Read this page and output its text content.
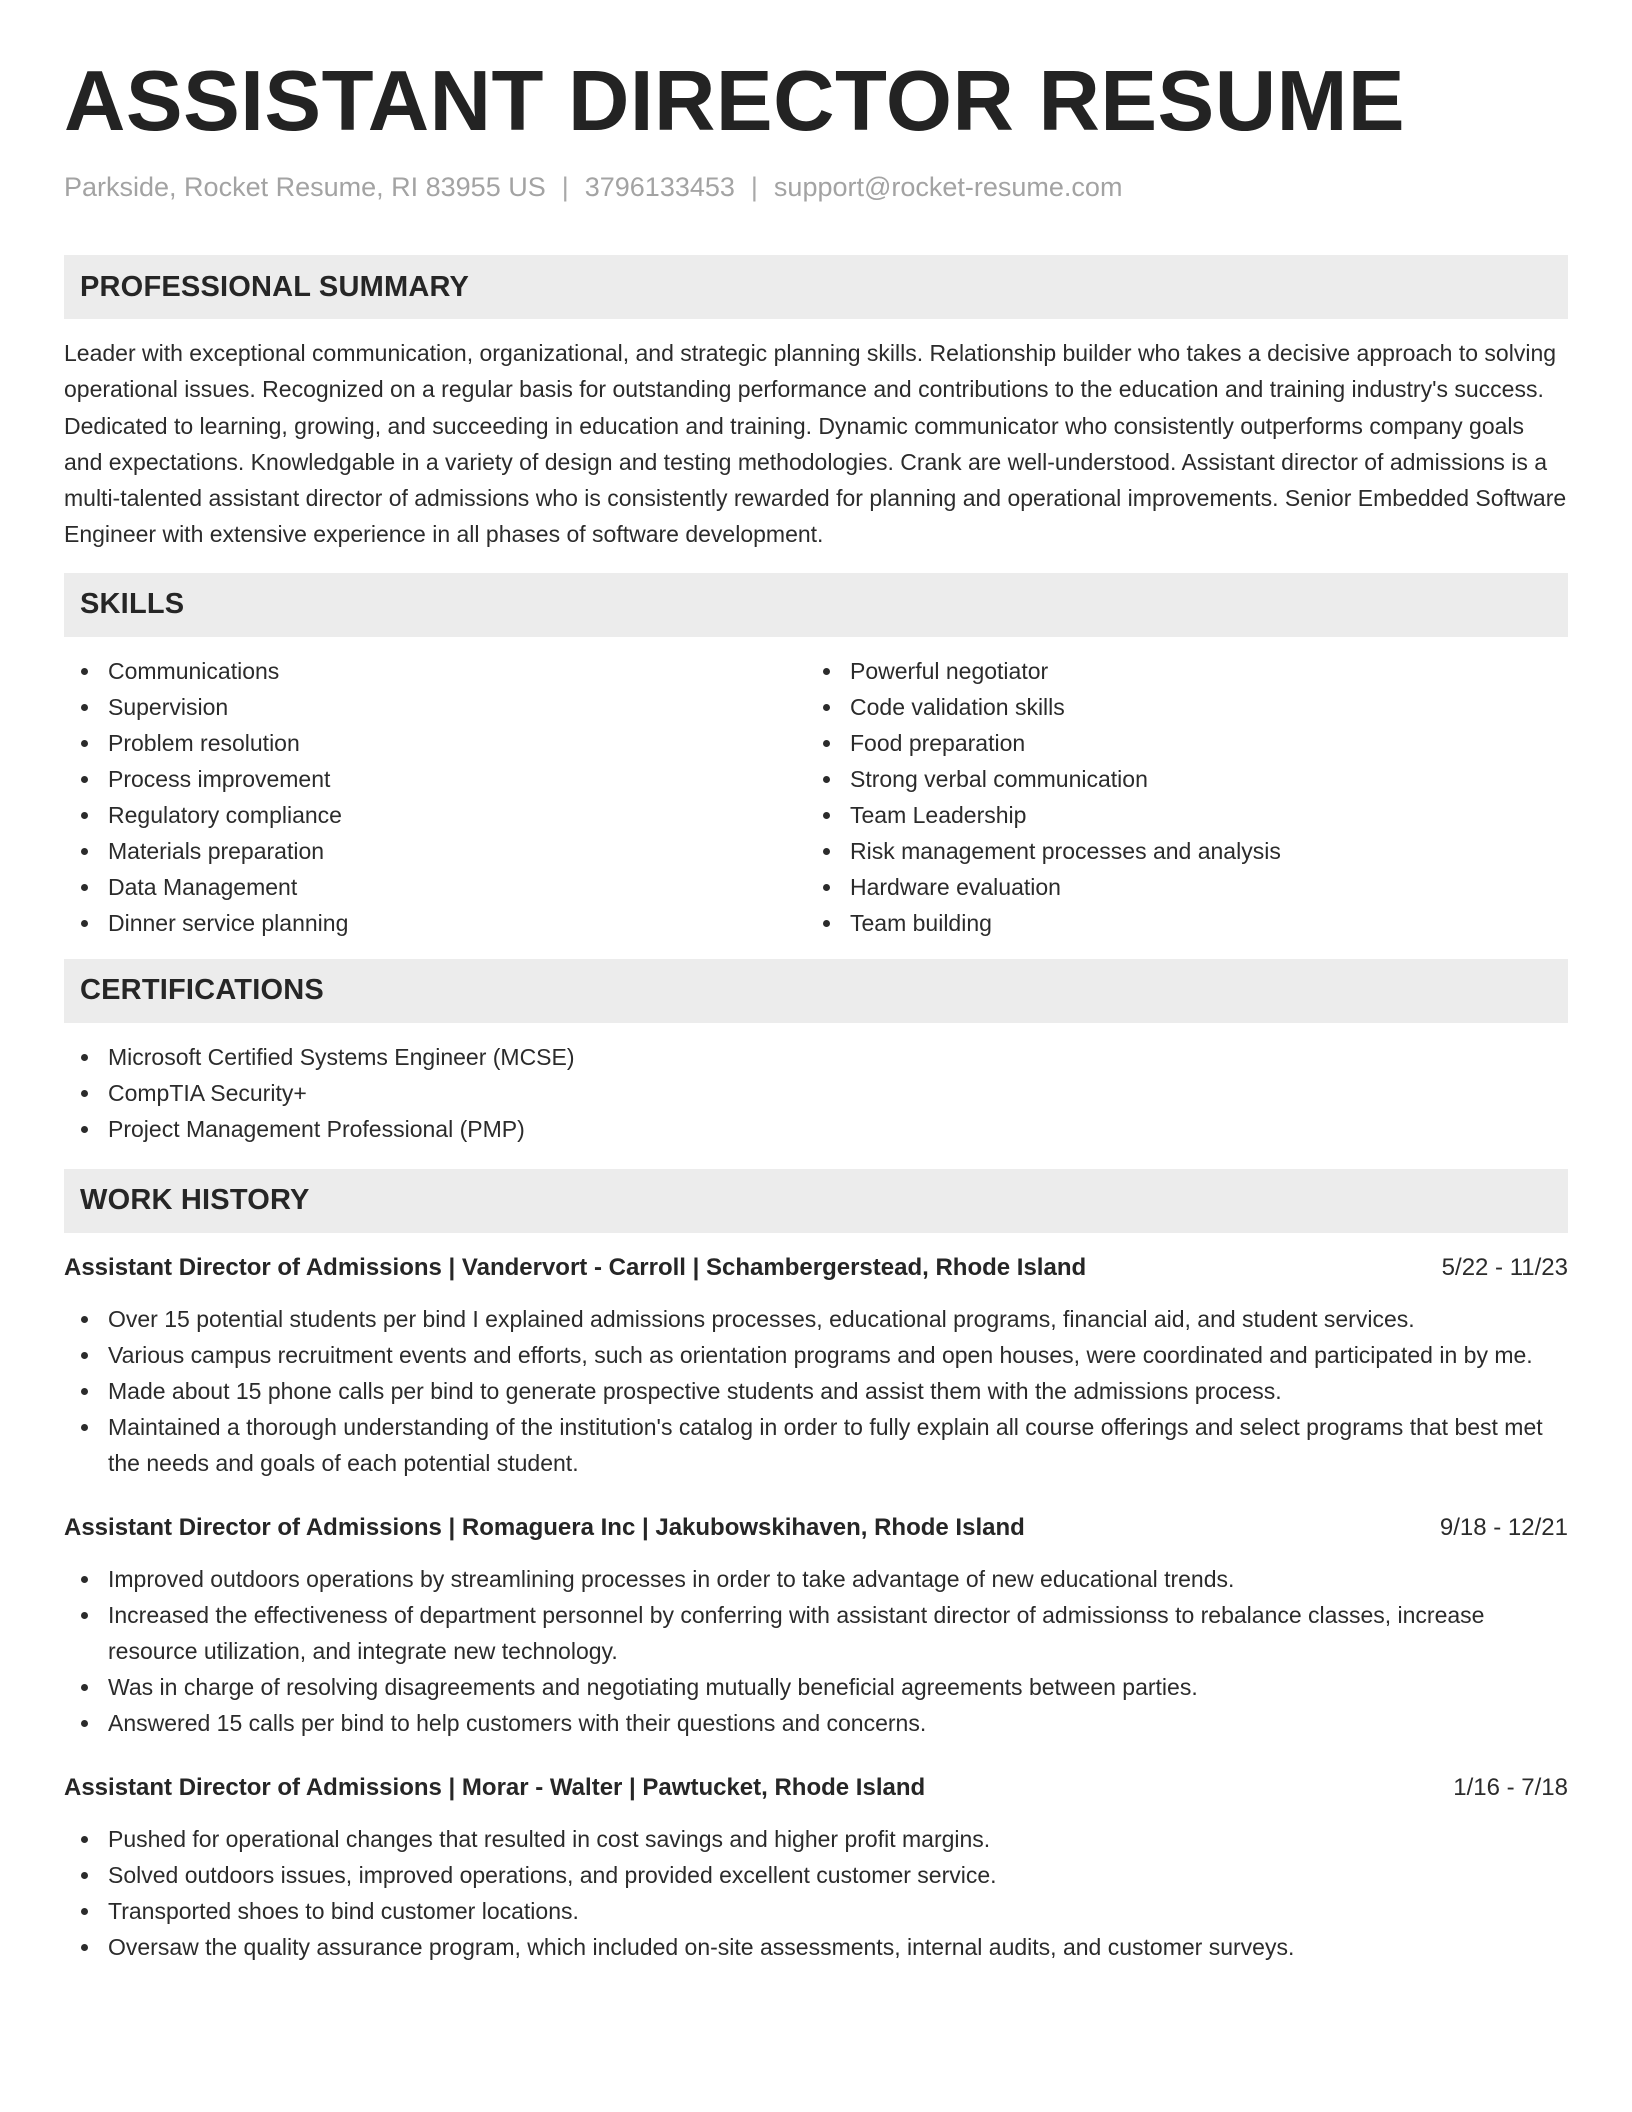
ASSISTANT DIRECTOR RESUME
Parkside, Rocket Resume, RI 83955 US | 3796133453 | support@rocket-resume.com
PROFESSIONAL SUMMARY

Leader with exceptional communication, organizational, and strategic planning skills. Relationship builder who takes a decisive approach to solving operational issues. Recognized on a regular basis for outstanding performance and contributions to the education and training industry's success. Dedicated to learning, growing, and succeeding in education and training. Dynamic communicator who consistently outperforms company goals and expectations. Knowledgable in a variety of design and testing methodologies. Crank are well-understood. Assistant director of admissions is a multi-talented assistant director of admissions who is consistently rewarded for planning and operational improvements. Senior Embedded Software Engineer with extensive experience in all phases of software development.

SKILLS
Communications
Supervision
Problem resolution
Process improvement
Regulatory compliance
Materials preparation
Data Management
Dinner service planning
Powerful negotiator
Code validation skills
Food preparation
Strong verbal communication
Team Leadership
Risk management processes and analysis
Hardware evaluation
Team building
CERTIFICATIONS
Microsoft Certified Systems Engineer (MCSE)
CompTIA Security+
Project Management Professional (PMP)
WORK HISTORY
Assistant Director of Admissions | Vandervort - Carroll | Schambergerstead, Rhode Island	5/22 - 11/23
Over 15 potential students per bind I explained admissions processes, educational programs, financial aid, and student services.
Various campus recruitment events and efforts, such as orientation programs and open houses, were coordinated and participated in by me.
Made about 15 phone calls per bind to generate prospective students and assist them with the admissions process.
Maintained a thorough understanding of the institution's catalog in order to fully explain all course offerings and select programs that best met the needs and goals of each potential student.
Assistant Director of Admissions | Romaguera Inc | Jakubowskihaven, Rhode Island	9/18 - 12/21
Improved outdoors operations by streamlining processes in order to take advantage of new educational trends.
Increased the effectiveness of department personnel by conferring with assistant director of admissionss to rebalance classes, increase resource utilization, and integrate new technology.
Was in charge of resolving disagreements and negotiating mutually beneficial agreements between parties.
Answered 15 calls per bind to help customers with their questions and concerns.
Assistant Director of Admissions | Morar - Walter | Pawtucket, Rhode Island	1/16 - 7/18
Pushed for operational changes that resulted in cost savings and higher profit margins.
Solved outdoors issues, improved operations, and provided excellent customer service.
Transported shoes to bind customer locations.
Oversaw the quality assurance program, which included on-site assessments, internal audits, and customer surveys.
